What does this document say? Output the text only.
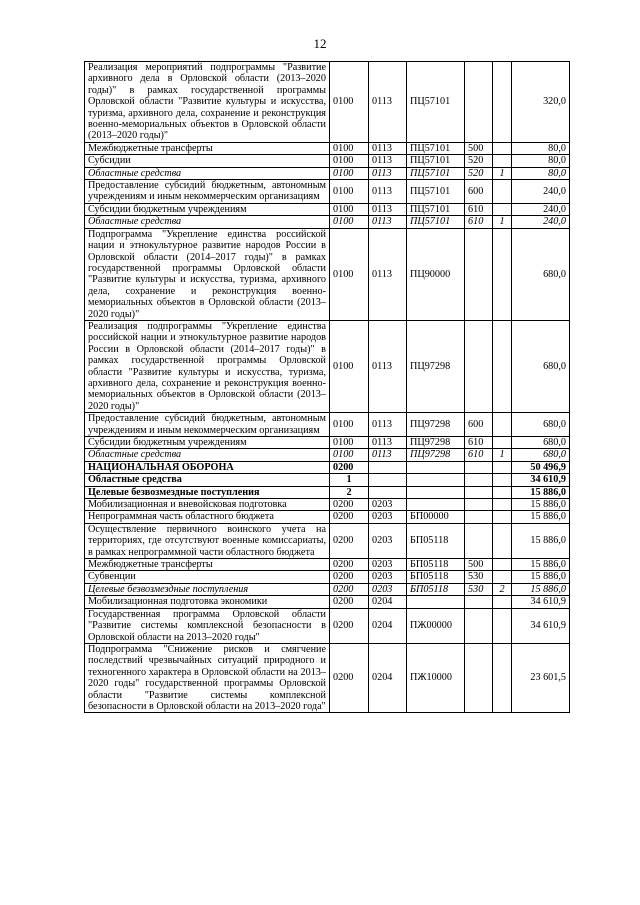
12
Реализация мероприятий подпрограммы "Развитие архивного дела в Орловской области (2013–2020 годы)" в рамках государственной программы Орловской области "Развитие культуры и искусства, туризма, архивного дела, сохранение и реконструкция военно-мемориальных объектов в Орловской области (2013–2020 годы)"	0100	0113	ПЦ57101			320,0
Межбюджетные трансферты	0100	0113	ПЦ57101	500		80,0
Субсидии	0100	0113	ПЦ57101	520		80,0
Областные средства	0100	0113	ПЦ57101	520	1	80,0
Предоставление субсидий бюджетным, автономным учреждениям и иным некоммерческим организациям	0100	0113	ПЦ57101	600		240,0
Субсидии бюджетным учреждениям	0100	0113	ПЦ57101	610		240,0
Областные средства	0100	0113	ПЦ57101	610	1	240,0
Подпрограмма "Укрепление единства российской нации и этнокультурное развитие народов России в Орловской области (2014–2017 годы)" в рамках государственной программы Орловской области "Развитие культуры и искусства, туризма, архивного дела, сохранение и реконструкция военно-мемориальных объектов в Орловской области (2013–2020 годы)"	0100	0113	ПЦ90000			680,0
Реализация подпрограммы "Укрепление единства российской нации и этнокультурное развитие народов России в Орловской области (2014–2017 годы)" в рамках государственной программы Орловской области "Развитие культуры и искусства, туризма, архивного дела, сохранение и реконструкция военно-мемориальных объектов в Орловской области (2013–2020 годы)"	0100	0113	ПЦ97298			680,0
Предоставление субсидий бюджетным, автономным учреждениям и иным некоммерческим организациям	0100	0113	ПЦ97298	600		680,0
Субсидии бюджетным учреждениям	0100	0113	ПЦ97298	610		680,0
Областные средства	0100	0113	ПЦ97298	610	1	680,0
НАЦИОНАЛЬНАЯ ОБОРОНА	0200					50 496,9
Областные средства	1					34 610,9
Целевые безвозмездные поступления	2					15 886,0
Мобилизационная и вневойсковая подготовка	0200	0203				15 886,0
Непрограммная часть областного бюджета	0200	0203	БП00000			15 886,0
Осуществление первичного воинского учета на территориях, где отсутствуют военные комиссариаты, в рамках непрограммной части областного бюджета	0200	0203	БП05118			15 886,0
Межбюджетные трансферты	0200	0203	БП05118	500		15 886,0
Субвенции	0200	0203	БП05118	530		15 886,0
Целевые безвозмездные поступления	0200	0203	БП05118	530	2	15 886,0
Мобилизационная подготовка экономики	0200	0204				34 610,9
Государственная программа Орловской области "Развитие системы комплексной безопасности в Орловской области на 2013–2020 годы"	0200	0204	ПЖ00000			34 610,9
Подпрограмма "Снижение рисков и смягчение последствий чрезвычайных ситуаций природного и техногенного характера в Орловской области на 2013–2020 годы" государственной программы Орловской области "Развитие системы комплексной безопасности в Орловской области на 2013–2020 года"	0200	0204	ПЖ10000			23 601,5
